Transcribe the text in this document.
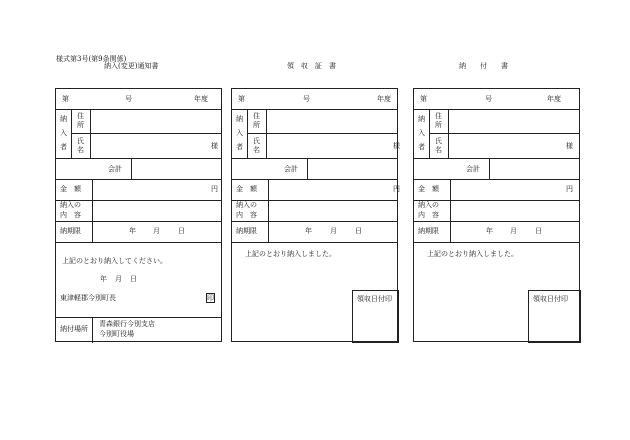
様式第3号(第9条関係)
納入(変更)通知書	領　収　証　書	納　　付　　書
第	号	年度
納
入
者
住
所
氏
名	様
会計
金　額	円
納入の
内　容
納期限	年 月	日
上記のとおり納入してください。
年 月 日
東津軽郡今別町長	印
納付場所
青森銀行今別支店
今別町役場
第	号	年度
納
入
者
住
所
氏
名	様
会計
金　額	円
納入の
内　容
納期限	年	月	日
上記のとおり納入しました。
領収日付印
第	号	年度
納
入
者
住
所
氏
名	様
会計
金　額	円
納入の
内　容
納期限	年 月	日
上記のとおり納入しました。
領収日付印
